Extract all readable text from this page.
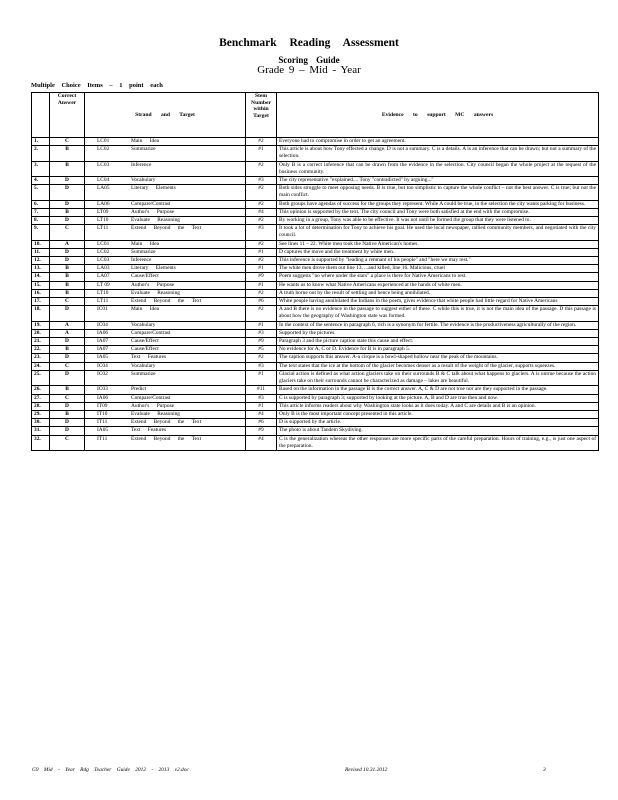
Benchmark Reading Assessment
Scoring Guide
Grade 9 – Mid - Year
Multiple Choice Items – 1 point each
	Correct Answer	Strand and Target	Stem Number within Target	Evidence to support MC answers
1.	C	LC01 Main Idea	#2	Everyone had to compromise in order to get an agreement.
2.	B	LC02 Summarize	#1	This article is about how Tony effected a change. D is not a summary. C is a details. A is an inference that can be drawn; but not a summary of the selection.
3.	B	LC03 Inference	#2	Only B is a correct inference that can be drawn from the evidence in the selection. City council began the whole project at the request of the business community.
4.	D	LC04 Vocabulary	#3	The city representative "explained.... Tony "contradicted" by arguing..."
5.	D	LA05 Literary Elements	#2	Both sides struggle to meet opposing needs. B is true, but too simplistic to capture the whole conflict – not the best answer. C is true; but not the main conflict.
6.	D	LA06 Compare/Contrast	#2	Both groups have agendas of success for the groups they represent. While A could be true, in the selection the city wants parking for business.
7.	B	LT09 Author's Purpose	#4	This opinion is supported by the text. The city council and Tony were both satisfied at the end with the compromise.
8.	D	LT10 Evaluate Reasoning	#2	By working in a group, Tony was able to be effective. It was not until he formed the group that they were listened to.
9.	C	LT11 Extend Beyond the Text	#3	It took a lot of determination for Tony to achieve his goal. He used the local newspaper, rallied community members, and negotiated with the city council.
10.	A	LC01 Main Idea	#2	See lines 11 – 22. White men took the Native American's homes.
11.	D	LC02 Summarize	#1	D captures the move and the treatment by white men.
12.	D	LC03 Inference	#2	This inference is supported by "leading a remnant of his people" and "here we may rest."
13.	B	LA03 Literary Elements	#1	The white men drove them out line 13, ...and killed, line 16. Malicious, cruel
14.	B	LA07 Cause/Effect	#9	Poem suggests "no where under the stars" a place is there for Native Americans to rest.
15.	B	LT 09 Author's Purpose	#1	He wants us to know what Native Americans experienced at the hands of white men.
16.	B	LT10 Evaluate Reasoning	#2	A truth borne out by the result of settling and hence being annihilated.
17.	C	LT11 Extend Beyond the Text	#6	White people having annihilated the Indians in the poem, gives evidence that white people had little regard for Native Americans
18.	D	IC01 Main Idea	#2	A and B there is no evidence in the passage to suggest either of these. C while this is true, it is not the main idea of the passage. D this passage is about how the geography of Washington state was formed.
19.	A	IC04 Vocabulary	#1	In the context of the sentence in paragraph 6, rich is a synonym for fertile. The evidence is the productiveness agriculturally of the region.
20.	A	IA06 Compare/Contrast	#3	Supported by the pictures.
21.	D	IA07 Cause/Effect	#9	Paragraph 3 and the picture caption state this cause and effect.
22.	B	IA07 Cause/Effect	#5	No evidence for A, C or D. Evidence for B is in paragraph 5.
23.	D	IA05 Text Features	#2	The caption supports this answer. A-a cirque is a bowl-shaped hollow near the peak of the mountains.
24.	C	IC04 Vocabulary	#3	The text states that the ice at the bottom of the glacier becomes denser as a result of the weight of the glacier, supports squeezes.
25.	D	IC02 Summarize	#1	Glacial action is defined as what action glaciers take on their surrounds B & C talk about what happens to glaciers. A is untrue because the action glaciers take on their surrounds cannot be characterized as damage – lakes are beautiful.
26.	B	IC03 Predict	#11	Based on the information in the passage B is the correct answer. A, C & D are not true nor are they supported in the passage.
27.	C	IA06 Compare/Contrast	#3	C is supported by paragraph 3; supported by looking at the picture. A, B and D are true then and now.
28.	D	IT09 Author's Purpose	#1	This article informs readers about why Washington state looks as it does today. A and C are details and B is an opinion.
29.	B	IT10 Evaluate Reasoning	#4	Only B is the most important concept presented in this article.
30.	D	IT11 Extend Beyond the Text	#6	D is supported by the article.
31.	D	IA05 Text Features	#9	The photo is about Tandem Skydiving.
32.	C	IT11 Extend Beyond the Text	#4	C is the generalization whereas the other responses are more specific parts of the careful preparation. Hours of training, e.g., is just one aspect of the preparation.
G9 Mid - Year Rdg Teacher Guide 2012 - 2013 v2.doc	Revised 10.31.2012	3
